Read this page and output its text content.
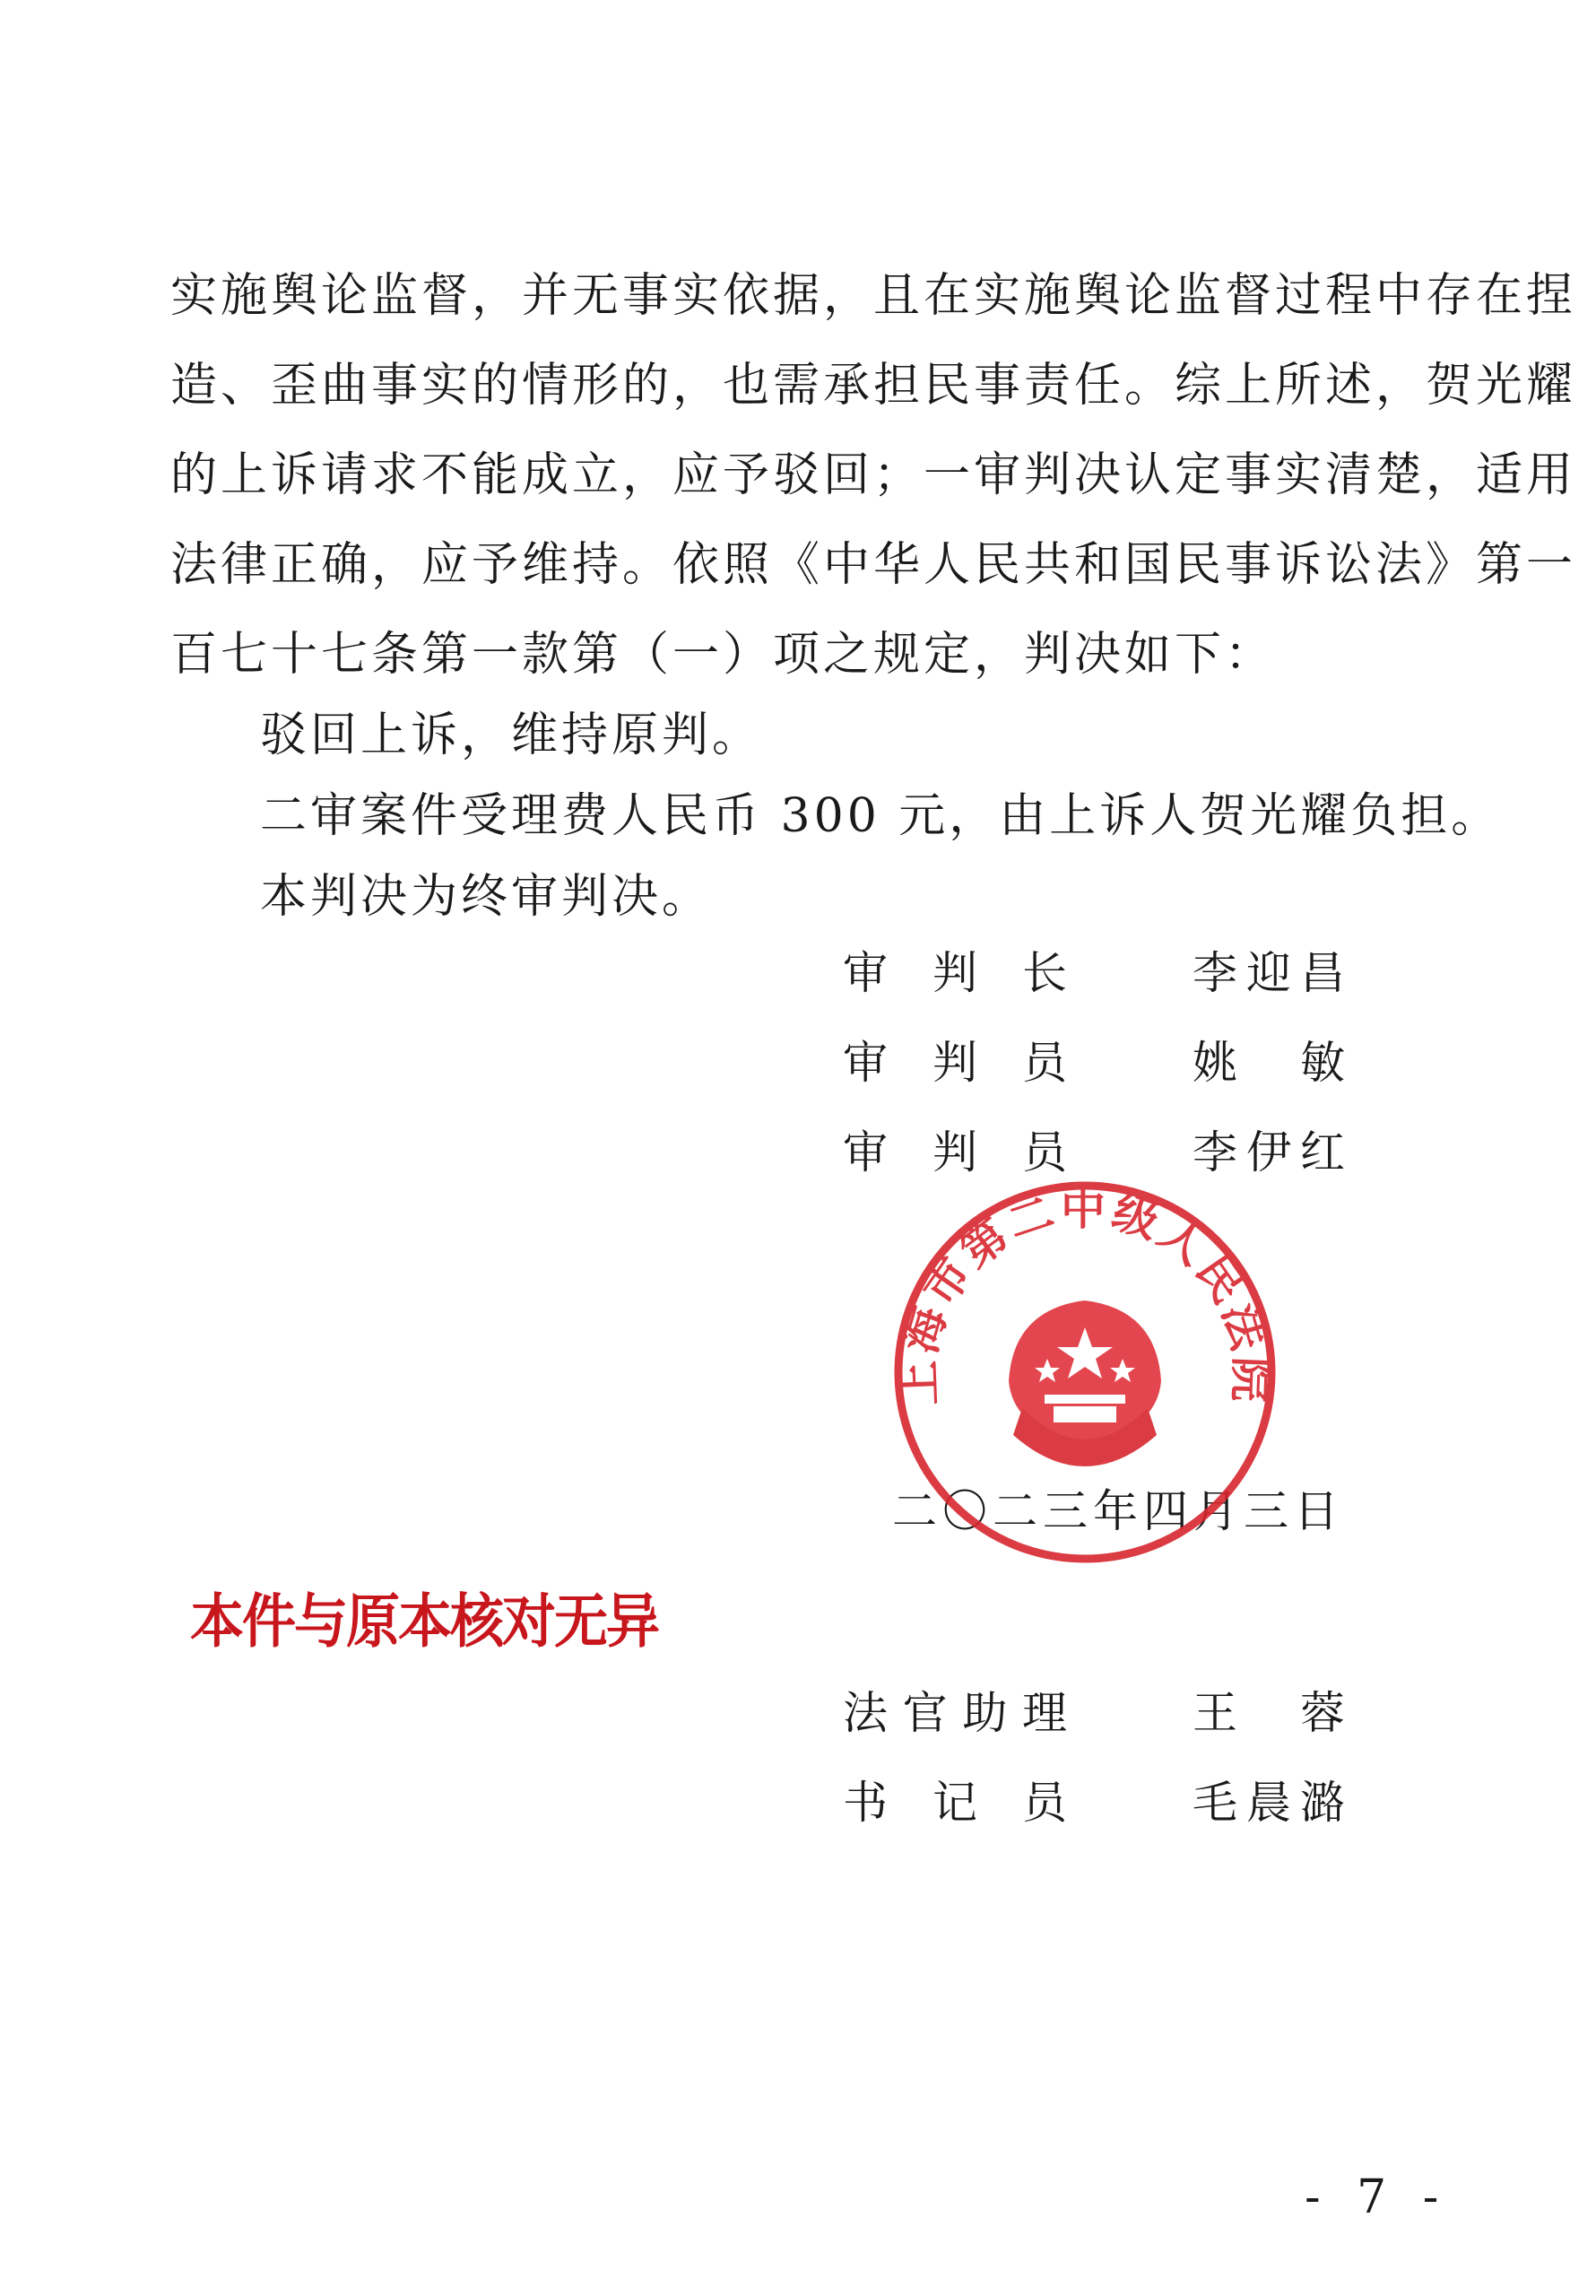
实施舆论监督，并无事实依据，且在实施舆论监督过程中存在捏
造、歪曲事实的情形的，也需承担民事责任。综上所述，贺光耀
的上诉请求不能成立，应予驳回；一审判决认定事实清楚，适用
法律正确，应予维持。依照《中华人民共和国民事诉讼法》第一
百七十七条第一款第（一）项之规定，判决如下：
驳回上诉，维持原判。
二审案件受理费人民币 300 元，由上诉人贺光耀负担。
本判决为终审判决。
审判长	李迎昌
审判员	姚敏
审判员	李伊红
二〇二三年四月三日
上海市第二中级人民法院
本件与原本核对无异
法官助理	王蓉
书记员	毛晨潞
- 7 -
